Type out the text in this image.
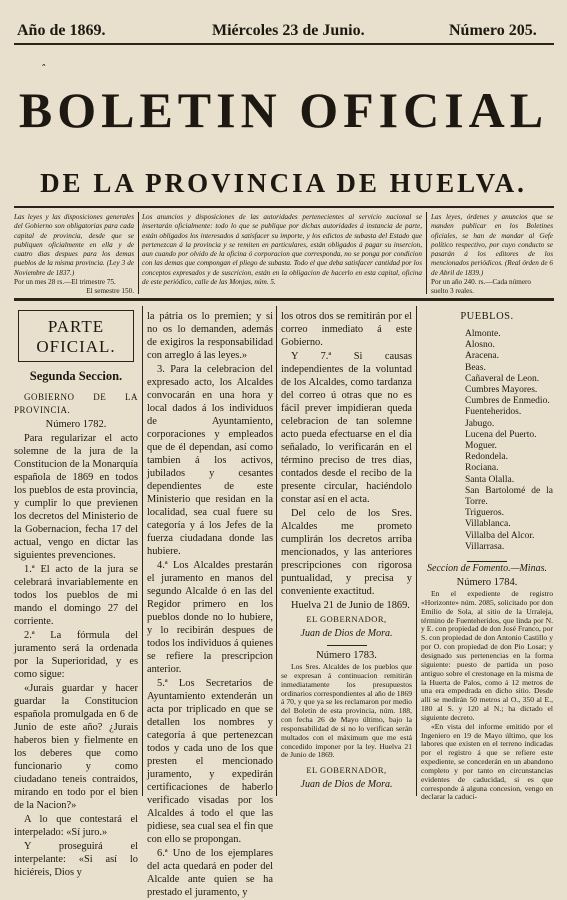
Año de 1869.	Miércoles 23 de Junio.	Número 205.
ˆ
BOLETIN OFICIAL
DE LA PROVINCIA DE HUELVA.

Las leyes y las disposiciones generales del Gobierno son obligatorias para cada capital de provincia, desde que se publiquen oficialmente en ella y de cuatro dias despues para los demas pueblos de la misma provincia. (Ley 3 de Noviembre de 1837.)

Por un mes 28 rs.—El trimestre 75.

El semestre 150.

Los anuncios y disposiciones de las autoridades pertenecientes al servicio nacional se insertarán oficialmente: todo lo que se publique por dichas autoridades á instancia de parte, están obligados los interesados á satisfacer su importe, y los edictos de subasta del Estado que pertenezcan á la provincia y se remiten en particulares, están obligados á pagar su insercion, aun cuando por olvido de la oficina ó corporacion que corresponda, no se ponga por condicion con las demas que compongan el pliego de subasta. Todo el que deba satisfacer cantidad por los conceptos expresados y de suscricion, están en la obligacion de hacerlo en esta capital, oficina de este periódico, calle de las Monjas, núm. 5.

Las leyes, órdenes y anuncios que se manden publicar en los Boletines oficiales, se han de mandar al Gefe político respectivo, por cuyo conducto se pasarán á los editores de los mencionados periódicos. (Real órden de 6 de Abril de 1839.)

Por un año 240. rs.—Cada número

suelto 3 reales.

PARTE OFICIAL.
Segunda Seccion.

GOBIERNO DE LA PROVINCIA.

Número 1782.

Para regularizar el acto solemne de la jura de la Constitucion de la Monarquía española de 1869 en todos los pueblos de esta provincia, y cumplir lo que previenen los decretos del Ministerio de la Gobernacion, fecha 17 del actual, vengo en dictar las siguientes prevenciones.

1.ª El acto de la jura se celebrará invariablemente en todos los pueblos de mi mando el domingo 27 del corriente.

2.ª La fórmula del juramento será la ordenada por la Superioridad, y es como sigue:

«Jurais guardar y hacer guardar la Constitucion española promulgada en 6 de Junio de este año? ¿Jurais haberos bien y fielmente en los deberes que como funcionario y como ciudadano teneis contraidos, mirando en todo por el bien de la Nacion?»

A lo que contestará el interpelado: «Sí juro.»

Y proseguirá el interpelante: «Si así lo hiciéreis, Dios y

la pátria os lo premien; y si no os lo demanden, además de exigiros la responsabilidad con arreglo á las leyes.»

3. Para la celebracion del expresado acto, los Alcaldes convocarán en una hora y local dados á los individuos de Ayuntamiento, corporaciones y empleados que de él dependan, así como tambien á los activos, jubilados y cesantes dependientes de este Ministerio que residan en la localidad, sea cual fuere su categoría y á los Jefes de la fuerza ciudadana donde las hubiere.

4.ª Los Alcaldes prestarán el juramento en manos del segundo Alcalde ó en las del Regidor primero en los pueblos donde no lo hubiere, y lo recibirán despues de todos los individuos á quienes se refiere la prescripcion anterior.

5.ª Los Secretarios de Ayuntamiento extenderán un acta por triplicado en que se detallen los nombres y categoría á que pertenezcan todos y cada uno de los que presten el mencionado juramento, y expedirán certificaciones de haberlo verificado visadas por los Alcaldes á todo el que las pidiese, sea cual sea el fin que con ello se propongan.

6.ª Uno de los ejemplares del acta quedará en poder del Alcalde ante quien se ha prestado el juramento, y

los otros dos se remitirán por el correo inmediato á este Gobierno.

Y 7.ª Si causas independientes de la voluntad de los Alcaldes, como tardanza del correo ú otras que no es fácil prever impidieran queda celebracion de tan solemne acto pueda efectuarse en el dia señalado, lo verificarán en el término preciso de tres dias, contados desde el recibo de la presente circular, haciéndolo constar así en el acta.

Del celo de los Sres. Alcaldes me prometo cumplirán los decretos arriba mencionados, y las anteriores prescripciones con rigorosa puntualidad, y precisa y conveniente exactitud.

Huelva 21 de Junio de 1869.

EL GOBERNADOR,

Juan de Dios de Mora.

Número 1783.

Los Sres. Alcaldes de los pueblos que se expresan á continuacion remitirán inmediatamente los presupuestos ordinarios correspondientes al año de 1869 á 70, y que ya se les reclamaron por medio del Boletin de esta provincia, núm. 188, con fecha 26 de Mayo último, bajo la responsabilidad de si no lo verifican serán multados con el máximum que me está concedido imponer por la ley. Huelva 21 de Junio de 1869.

EL GOBERNADOR,

Juan de Dios de Mora.

PUEBLOS.
Almonte.
Alosno.
Aracena.
Beas.
Cañaveral de Leon.
Cumbres Mayores.
Cumbres de Enmedio.
Fuenteheridos.
Jabugo.
Lucena del Puerto.
Moguer.
Redondela.
Rociana.
Santa Olalla.
San Bartolomé de la Torre.
Trigueros.
Villablanca.
Villalba del Alcor.
Villarrasa.

Seccion de Fomento.—Minas.

Número 1784.

En el expediente de registro «Horizonte» núm. 2085, solicitado por don Emilio de Sola, al sitio de la Urraleja, término de Fuenteheridos, que linda por N. y E. con propiedad de don José Franco, por S. con propiedad de don Antonio Castillo y por O. con propiedad de don Pio Losar; y designado sus pertenencias en la forma siguiente: puesto de partida un poso antiguo sobre el crestonage en la misma de la Huerta de Palos, como á 12 metros de una era empedrada en dicho sitio. Desde allí se medirán 50 metros al O., 350 al E., 180 al S. y 120 al N.; ha dictado el siguiente decreto.

«En vista del informe emitido por el Ingeniero en 19 de Mayo último, que los labores que existen en el terreno indicadas por el registro á que se refiere este expediente, se concederán en un abandono completo y por tanto en circunstancias evidentes de caducidad, si es que corresponde á alguna concesion, vengo en declarar la caduci-
